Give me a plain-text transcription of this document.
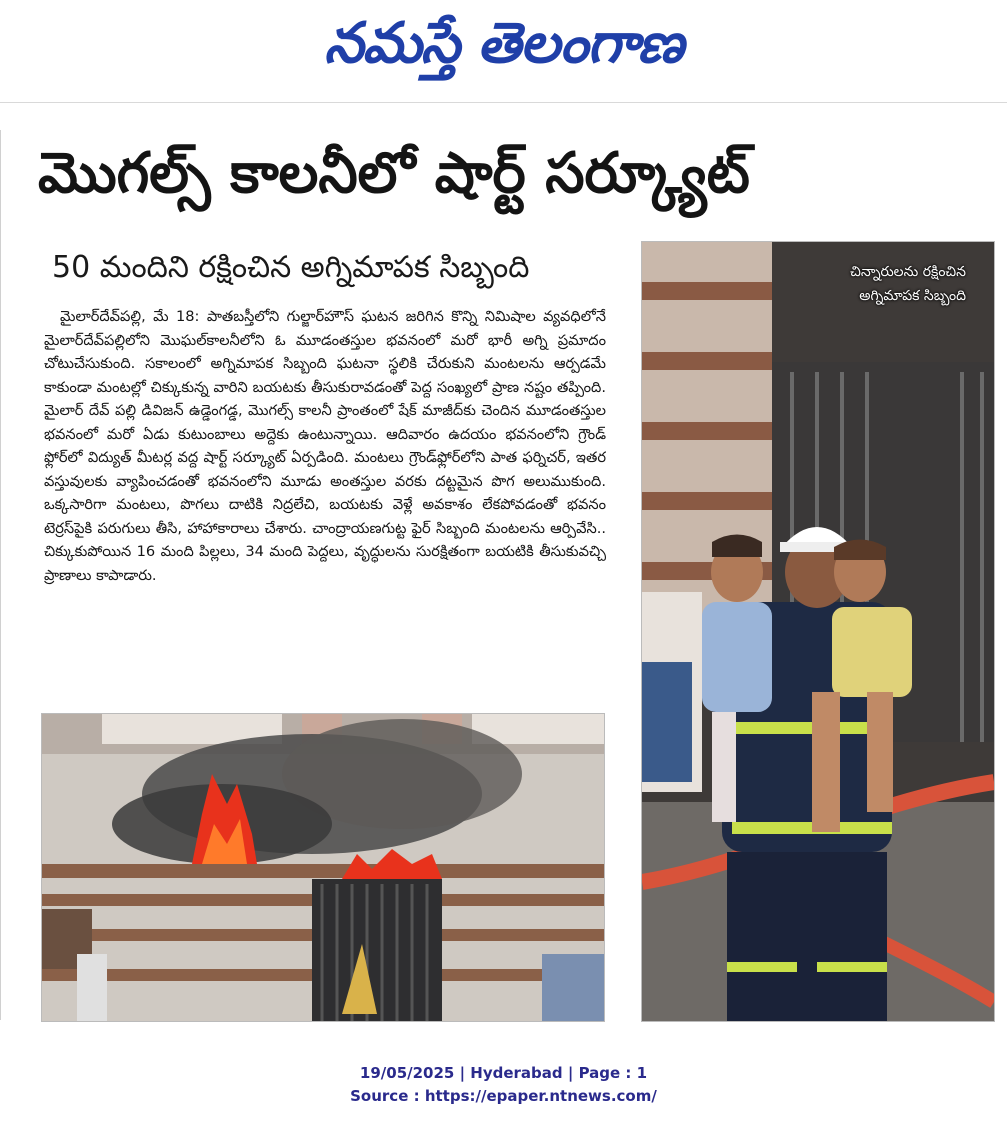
నమస్తే తెలంగాణ
మొగల్స్ కాలనీలో షార్ట్ సర్క్యూట్
50 మందిని రక్షించిన అగ్నిమాపక సిబ్బంది

మైలార్‌దేవ్‌పల్లి, మే 18: పాతబస్తీలోని గుల్జార్‌హౌస్ ఘటన జరిగిన కొన్ని నిమిషాల వ్యవధిలోనే మైలార్‌దేవ్‌పల్లిలోని మొఘల్‌కాలనీలోని ఓ మూడంతస్తుల భవనంలో మరో భారీ అగ్ని ప్రమాదం చోటుచేసుకుంది. సకాలంలో అగ్నిమాపక సిబ్బంది ఘటనా స్థలికి చేరుకుని మంటలను ఆర్పడమే కాకుండా మంటల్లో చిక్కుకున్న వారిని బయటకు తీసుకురావడంతో పెద్ద సంఖ్యలో ప్రాణ నష్టం తప్పింది. మైలార్ దేవ్ పల్లి డివిజన్ ఉడ్డెంగడ్డ, మొగల్స్ కాలనీ ప్రాంతంలో షేక్ మాజీద్‌కు చెందిన మూడంతస్తుల భవనంలో మరో ఏడు కుటుంబాలు అద్దెకు ఉంటున్నాయి. ఆదివారం ఉదయం భవనంలోని గ్రౌండ్ ఫ్లోర్‌లో విద్యుత్ మీటర్ల వద్ద షార్ట్ సర్క్యూట్ ఏర్పడింది. మంటలు గ్రౌండ్‌ఫ్లోర్‌లోని పాత ఫర్నిచర్, ఇతర వస్తువులకు వ్యాపించడంతో భవనంలోని మూడు అంతస్తుల వరకు దట్టమైన పొగ అలుముకుంది. ఒక్కసారిగా మంటలు, పొగలు దాటికి నిద్రలేచి, బయటకు వెళ్లే అవకాశం లేకపోవడంతో భవనం టెర్రస్‌పైకి పరుగులు తీసి, హాహాకారాలు చేశారు. చాంద్రాయణగుట్ట ఫైర్ సిబ్బంది మంటలను ఆర్పివేసి.. చిక్కుకుపోయిన 16 మంది పిల్లలు, 34 మంది పెద్దలు, వృద్ధులను సురక్షితంగా బయటికి తీసుకువచ్చి ప్రాణాలు కాపాడారు.

చిన్నారులను రక్షించిన అగ్నిమాపక సిబ్బంది
19/05/2025 | Hyderabad | Page : 1
Source : https://epaper.ntnews.com/
